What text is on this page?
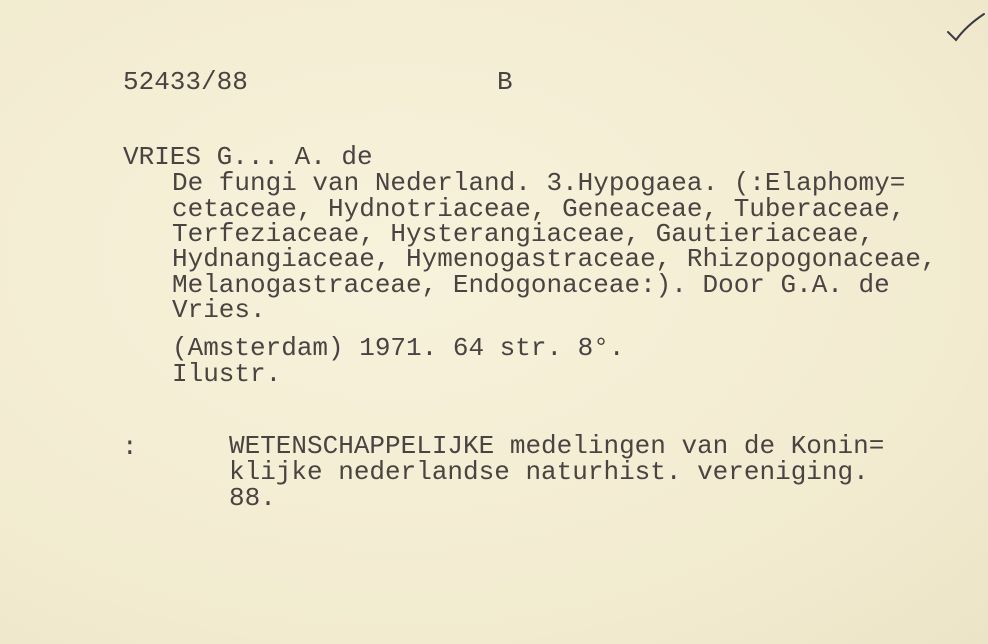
52433/88	B
VRIES G... A. de
De fungi van Nederland. 3.Hypogaea. (:Elaphomy=
cetaceae, Hydnotriaceae, Geneaceae, Tuberaceae,
Terfeziaceae, Hysterangiaceae, Gautieriaceae,
Hydnangiaceae, Hymenogastraceae, Rhizopogonaceae,
Melanogastraceae, Endogonaceae:). Door G.A. de
Vries.
(Amsterdam) 1971. 64 str. 8°.
Ilustr.
:	WETENSCHAPPELIJKE medelingen van de Konin=
klijke nederlandse naturhist. vereniging.
88.
